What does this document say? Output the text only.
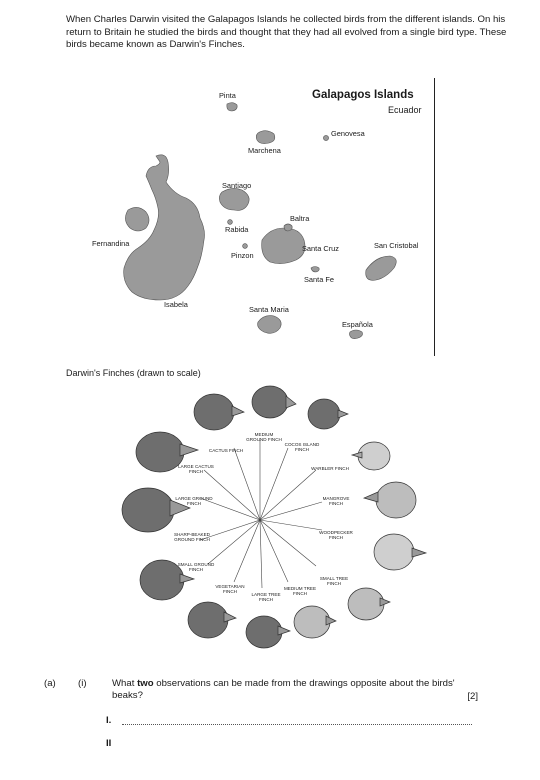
When Charles Darwin visited the Galapagos Islands he collected birds from the different islands. On his return to Britain he studied the birds and thought that they had all evolved from a single bird type. These birds became known as Darwin's Finches.

Galapagos Islands
Ecuador
Pinta
Genovesa
Marchena
Santiago
Baltra
Rabida
Fernandina
Pinzon
Santa Cruz	San Cristobal
Santa Fe
Isabela
Santa Maria
Española
Darwin's Finches (drawn to scale)
CACTUS FINCH
MEDIUM GROUND FINCH
COCOS ISLAND FINCH
LARGE CACTUS FINCH
WARBLER FINCH
LARGE GROUND FINCH
MANGROVE FINCH
WOODPECKER FINCH
SHARP-BEAKED GROUND FINCH
SMALL GROUND FINCH
SMALL TREE FINCH
VEGETARIAN FINCH
LARGE TREE FINCH
MEDIUM TREE FINCH
(a) (i)	What two observations can be made from the drawings opposite about the birds' beaks?	[2]
I.
II
